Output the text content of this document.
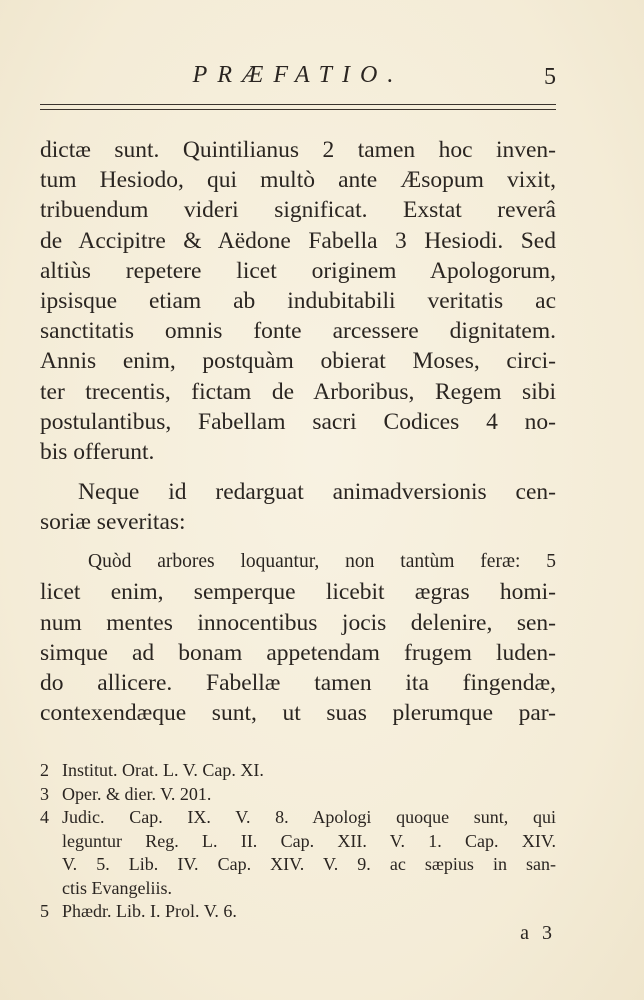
PRÆFATIO.	5
dictæ sunt. Quintilianus 2 tamen hoc inven-
tum Hesiodo, qui multò ante Æsopum vixit,
tribuendum videri significat. Exstat reverâ
de Accipitre & Aëdone Fabella 3 Hesiodi. Sed
altiùs repetere licet originem Apologorum,
ipsisque etiam ab indubitabili veritatis ac
sanctitatis omnis fonte arcessere dignitatem.
Annis enim, postquàm obierat Moses, circi-
ter trecentis, fictam de Arboribus, Regem sibi
postulantibus, Fabellam sacri Codices 4 no-
bis offerunt.
Neque id redarguat animadversionis cen-
soriæ severitas:
Quòd arbores loquantur, non tantùm feræ: 5
licet enim, semperque licebit ægras homi-
num mentes innocentibus jocis delenire, sen-
simque ad bonam appetendam frugem luden-
do allicere. Fabellæ tamen ita fingendæ,
contexendæque sunt, ut suas plerumque par-
2 Institut. Orat. L. V. Cap. XI.
3 Oper. & dier. V. 201.
4 Judic. Cap. IX. V. 8. Apologi quoque sunt, qui
leguntur Reg. L. II. Cap. XII. V. 1. Cap. XIV.
V. 5. Lib. IV. Cap. XIV. V. 9. ac sæpius in san-
ctis Evangeliis.
5 Phædr. Lib. I. Prol. V. 6.
a 3
